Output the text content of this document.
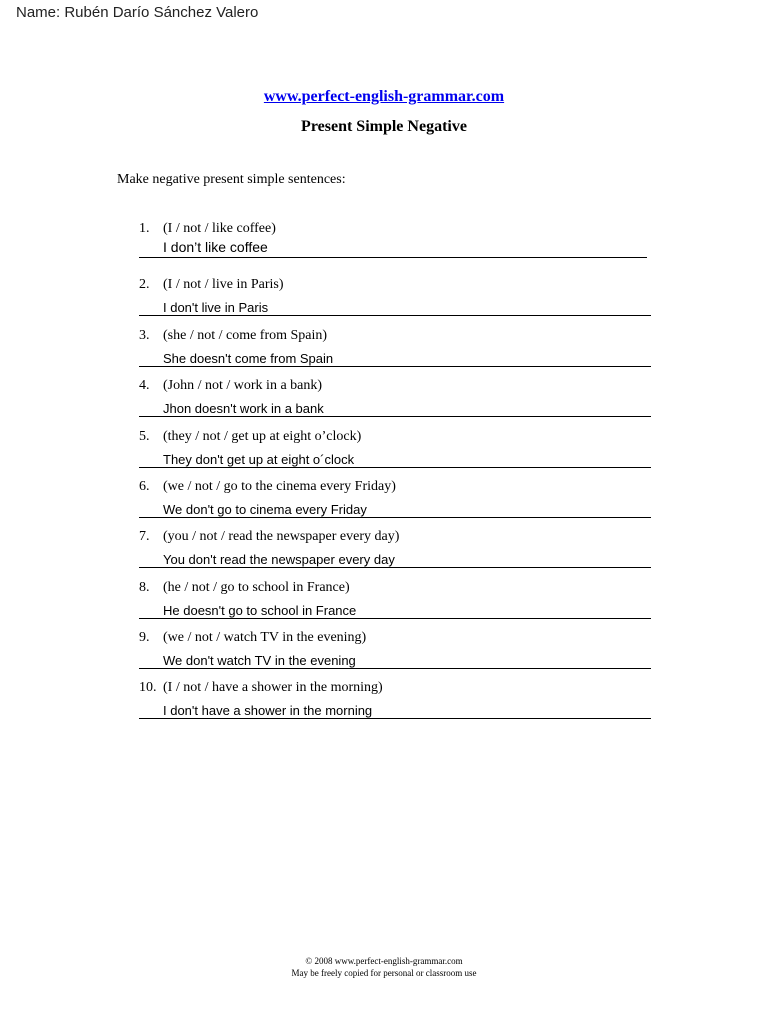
Name: Rubén Darío Sánchez Valero
www.perfect-english-grammar.com
Present Simple Negative
Make negative present simple sentences:
1. (I / not / like coffee)
I don’t like coffee
2. (I / not / live in Paris)
I don't live in Paris
3. (she / not / come from Spain)
She doesn't come from Spain
4. (John / not / work in a bank)
Jhon doesn't work in a bank
5. (they / not / get up at eight o’clock)
They don't get up at eight o´clock
6. (we / not / go to the cinema every Friday)
We don't go to cinema every Friday
7. (you / not / read the newspaper every day)
You don't read the newspaper every day
8. (he / not / go to school in France)
He doesn't go to school in France
9. (we / not / watch TV in the evening)
We don't watch TV in the evening
10. (I / not / have a shower in the morning)
I don't have a shower in the morning
© 2008 www.perfect-english-grammar.com
May be freely copied for personal or classroom use
